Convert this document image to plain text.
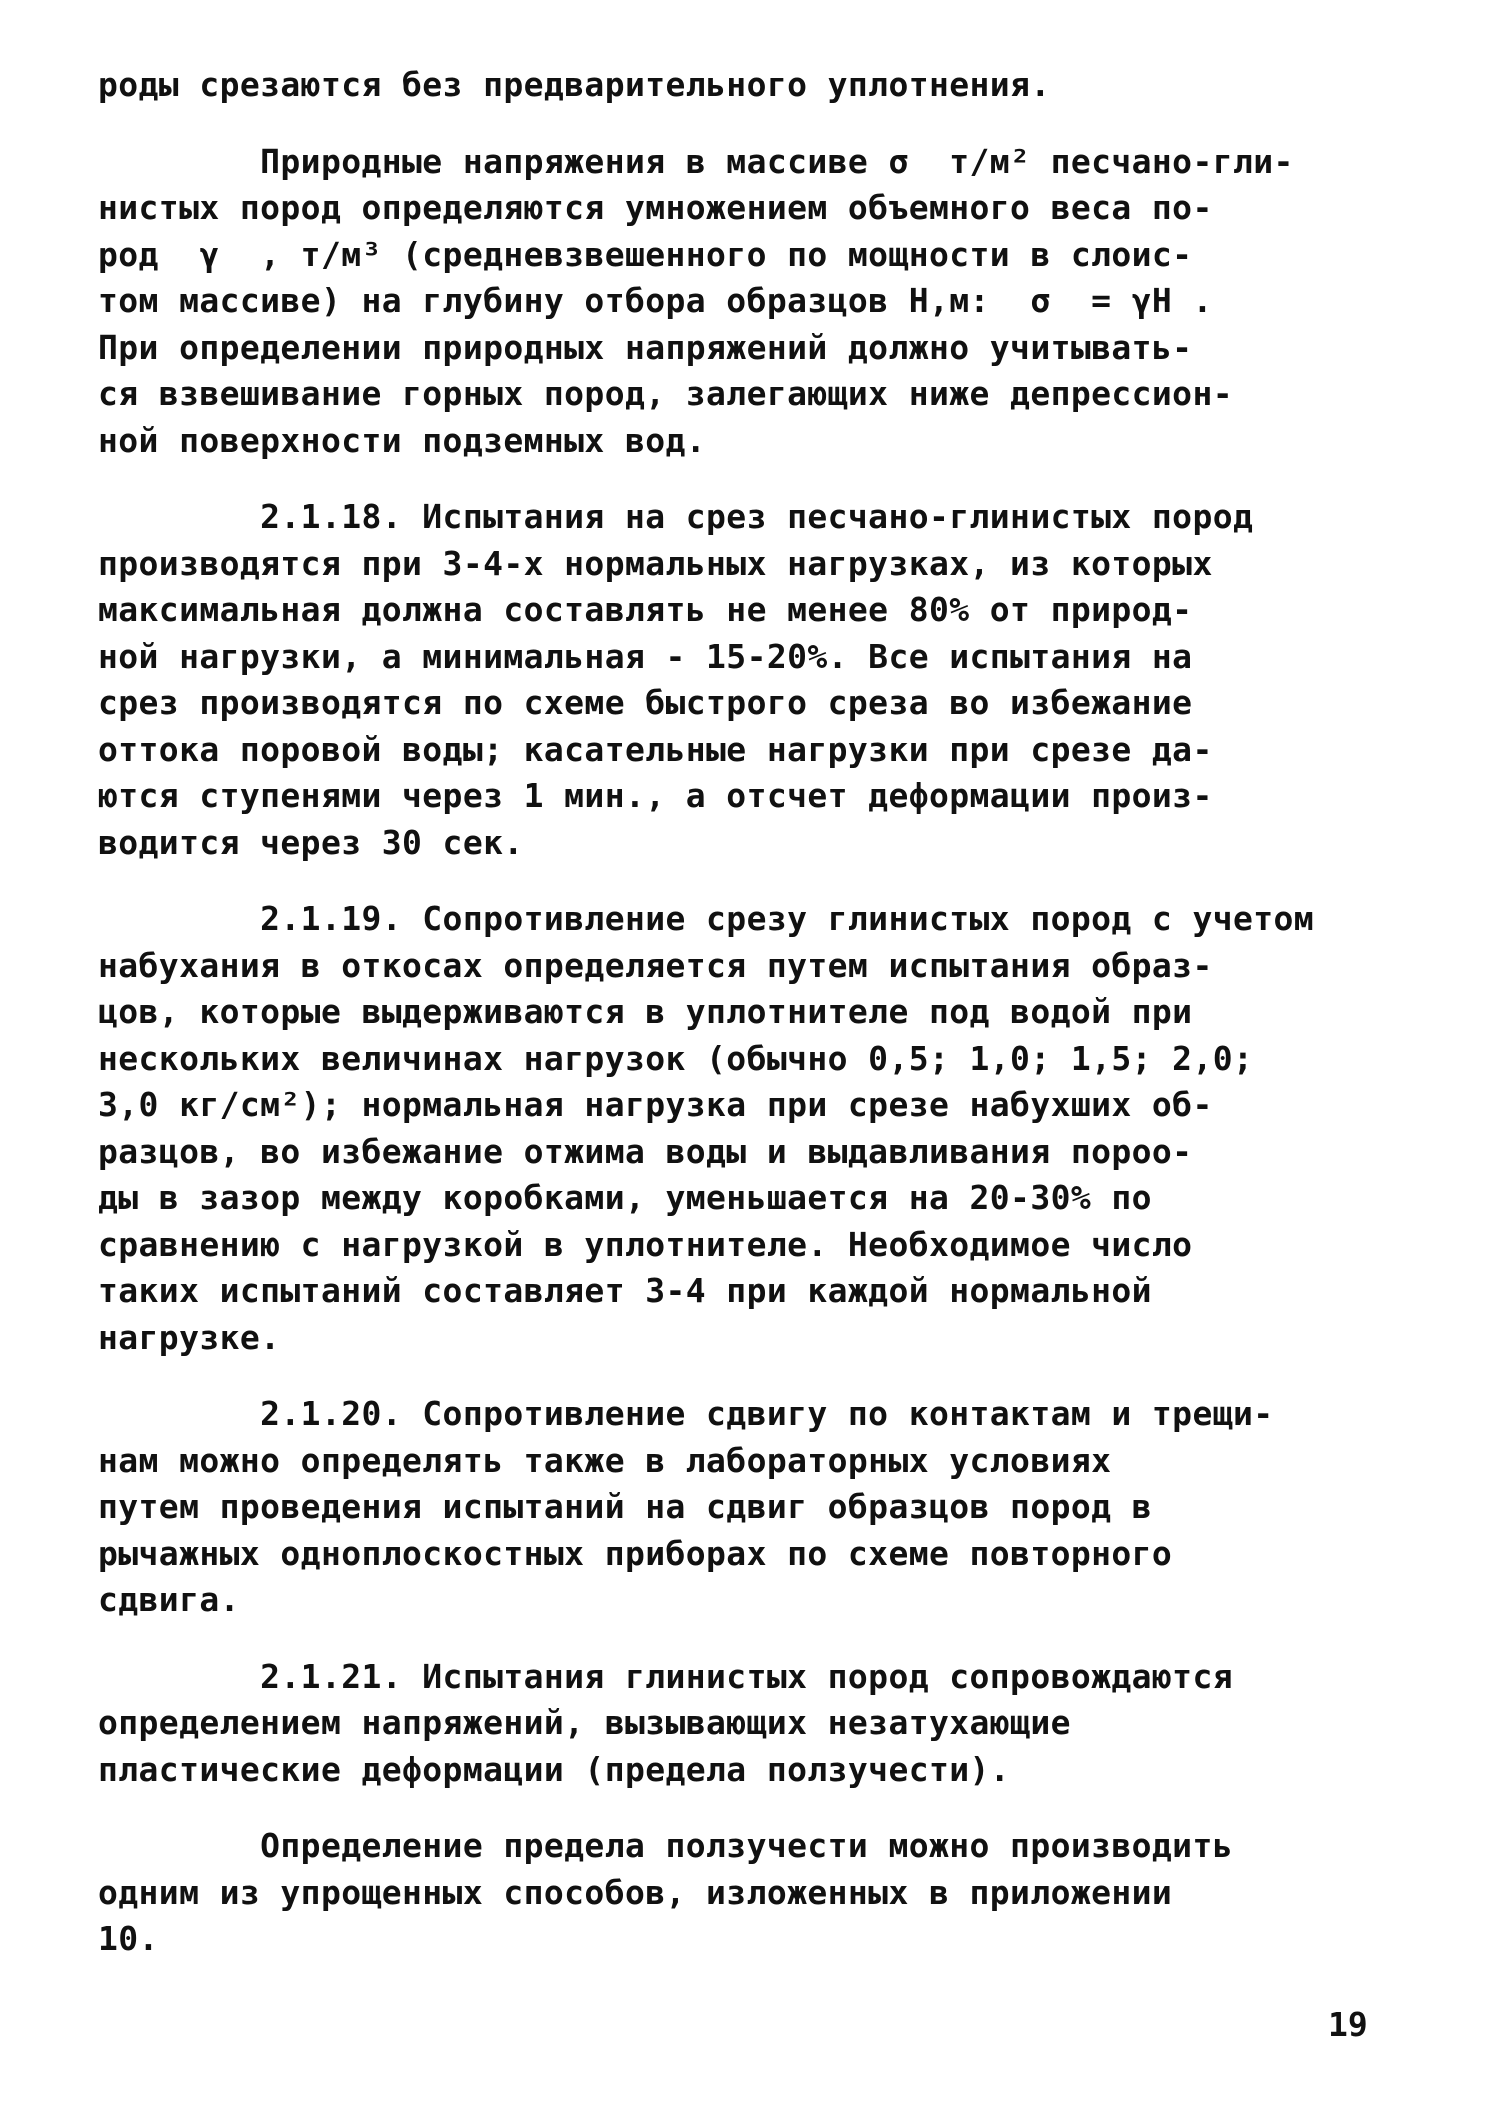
роды срезаются без предварительного уплотнения.
Природные напряжения в массиве σ  т/м² песчано-гли-
нистых пород определяются умножением объемного веса по-
род  γ  , т/м³ (средневзвешенного по мощности в слоис-
том массиве) на глубину отбора образцов Н,м:  σ  = γН .
При определении природных напряжений должно учитывать-
ся взвешивание горных пород, залегающих ниже депрессион-
ной поверхности подземных вод.
2.1.18. Испытания на срез песчано-глинистых пород
производятся при 3-4-х нормальных нагрузках, из которых
максимальная должна составлять не менее 80% от природ-
ной нагрузки, а минимальная - 15-20%. Все испытания на
срез производятся по схеме быстрого среза во избежание
оттока поровой воды; касательные нагрузки при срезе да-
ются ступенями через 1 мин., а отсчет деформации произ-
водится через 30 сек.
2.1.19. Сопротивление срезу глинистых пород с учетом
набухания в откосах определяется путем испытания образ-
цов, которые выдерживаются в уплотнителе под водой при
нескольких величинах нагрузок (обычно 0,5; 1,0; 1,5; 2,0;
3,0 кг/см²); нормальная нагрузка при срезе набухших об-
разцов, во избежание отжима воды и выдавливания пороо-
ды в зазор между коробками, уменьшается на 20-30% по
сравнению с нагрузкой в уплотнителе. Необходимое число
таких испытаний составляет 3-4 при каждой нормальной
нагрузке.
2.1.20. Сопротивление сдвигу по контактам и трещи-
нам можно определять также в лабораторных условиях
путем проведения испытаний на сдвиг образцов пород в
рычажных одноплоскостных приборах по схеме повторного
сдвига.
2.1.21. Испытания глинистых пород сопровождаются
определением напряжений, вызывающих незатухающие
пластические деформации (предела ползучести).
Определение предела ползучести можно производить
одним из упрощенных способов, изложенных в приложении
10.
19
